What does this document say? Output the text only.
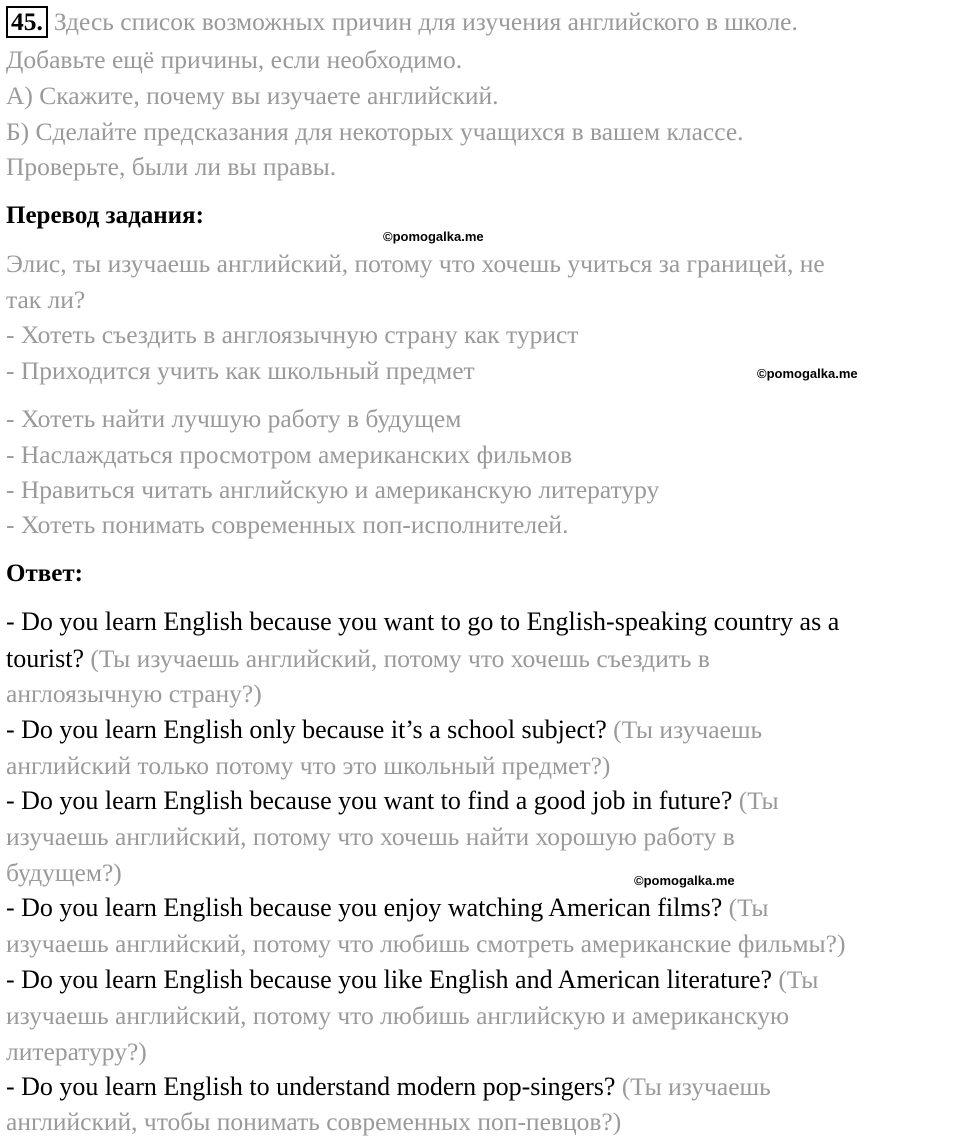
45. Здесь список возможных причин для изучения английского в школе.
Добавьте ещё причины, если необходимо.
А) Скажите, почему вы изучаете английский.
Б) Сделайте предсказания для некоторых учащихся в вашем классе.
Проверьте, были ли вы правы.
Перевод задания:
©pomogalka.me
Элис, ты изучаешь английский, потому что хочешь учиться за границей, не
так ли?
- Хотеть съездить в англоязычную страну как турист
- Приходится учить как школьный предмет	©pomogalka.me
- Хотеть найти лучшую работу в будущем
- Наслаждаться просмотром американских фильмов
- Нравиться читать английскую и американскую литературу
- Хотеть понимать современных поп-исполнителей.
Ответ:
- Do you learn English because you want to go to English-speaking country as a
tourist? (Ты изучаешь английский, потому что хочешь съездить в
англоязычную страну?)
- Do you learn English only because it’s a school subject? (Ты изучаешь
английский только потому что это школьный предмет?)
- Do you learn English because you want to find a good job in future? (Ты
изучаешь английский, потому что хочешь найти хорошую работу в
будущем?)	©pomogalka.me
- Do you learn English because you enjoy watching American films? (Ты
изучаешь английский, потому что любишь смотреть американские фильмы?)
- Do you learn English because you like English and American literature? (Ты
изучаешь английский, потому что любишь английскую и американскую
литературу?)
- Do you learn English to understand modern pop-singers? (Ты изучаешь
английский, чтобы понимать современных поп-певцов?)
